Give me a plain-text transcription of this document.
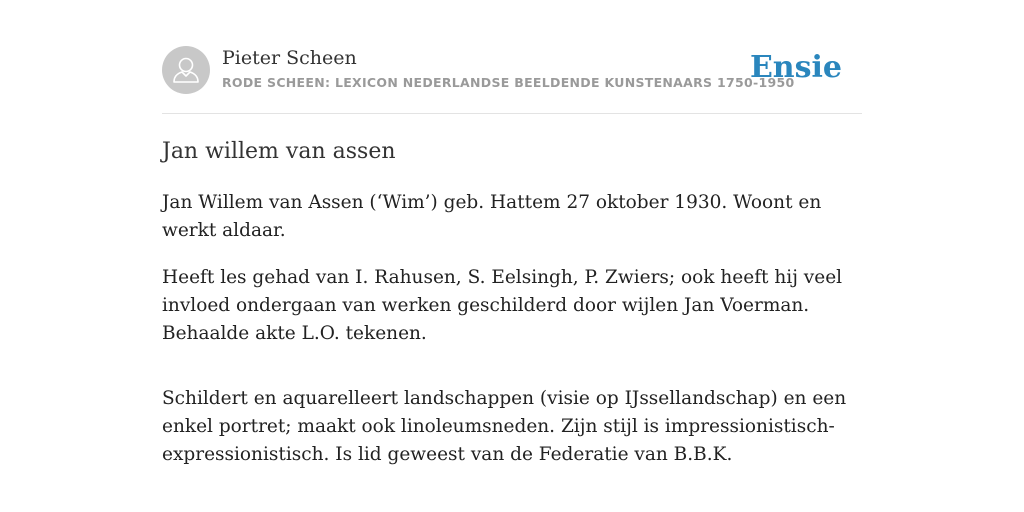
Pieter Scheen
RODE SCHEEN: LEXICON NEDERLANDSE BEELDENDE KUNSTENAARS 1750-1950
Ensie
Jan willem van assen

Jan Willem van Assen (‘Wim’) geb. Hattem 27 oktober 1930. Woont en werkt aldaar.

Heeft les gehad van I. Rahusen, S. Eelsingh, P. Zwiers; ook heeft hij veel invloed ondergaan van werken geschilderd door wijlen Jan Voerman. Behaalde akte L.O. tekenen.

Schildert en aquarelleert landschappen (visie op IJssellandschap) en een enkel portret; maakt ook linoleumsneden. Zijn stijl is impressionistisch-expressionistisch. Is lid geweest van de Federatie van B.B.K.
